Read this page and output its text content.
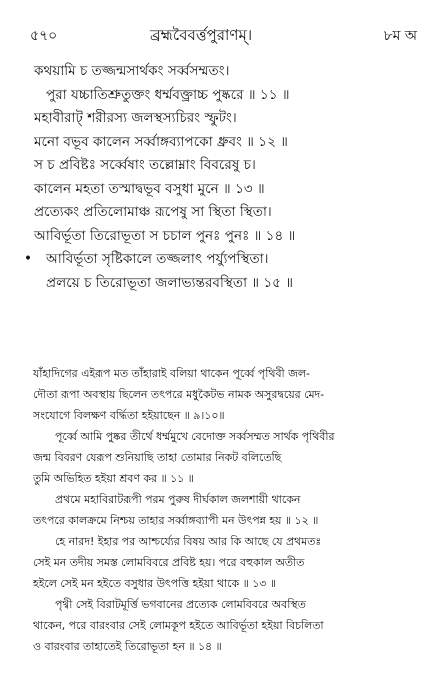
৫৭০	ব্রহ্মবৈবর্ত্তপুরাণম্।	৮ম অ
কথয়ামি চ তজ্জন্মসার্থকং সর্ব্বসম্মতং।
পুরা যচ্চাতিশ্রুতুক্তং ধর্ম্মবক্ত্রাচ্চ পুষ্করে ॥ ১১ ॥
মহাবীরাট্ শরীরস্য জলস্থস্যচিরং স্ফুটং।
মনো বভূব কালেন সর্ব্বাঙ্গব্যাপকো ধ্রুবং ॥ ১২ ॥
স চ প্রবিষ্টঃ সর্ব্বেষাং তল্লোম্নাং বিবরেষু চ।
কালেন মহতা তস্মাদ্বভূব বসুধা মুনে ॥ ১৩ ॥
প্রত্যেকং প্রতিলোমাঞ্চ রূপেষু সা স্থিতা স্থিতা।
আবির্ভূতা তিরোভূতা স চচাল পুনঃ পুনঃ ॥ ১৪ ॥
• আবির্ভূতা সৃষ্টিকালে তজ্জলাৎ পর্য্যুপস্থিতা।
প্রলয়ে চ তিরোভূতা জলাভ্যন্তরবস্থিতা ॥ ১৫ ॥
যাঁহাদিগের এইরূপ মত তাঁহারাই বলিয়া থাকেন পূর্ব্বে পৃথিবী জল-
দৌতা রূপা অবস্থায় ছিলেন তৎপরে মধুকৈটভ নামক অসুরদ্বয়ের মেদ-
সংযোগে বিলক্ষণ বর্দ্ধিতা হইয়াছেন ॥ ৯।১০॥
পূর্ব্বে আমি পুষ্কর তীর্থে ধর্ম্মমুখে বেদোক্ত সর্ব্বসম্মত সার্থক পৃথিবীর
জন্ম বিবরণ যেরূপ শুনিয়াছি তাহা তোমার নিকট বলিতেছি
তুমি অভিহিত হইয়া শ্রবণ কর ॥ ১১ ॥
প্রথমে মহাবিরাটরূপী পরম পুরুষ দীর্ঘকাল জলশায়ী থাকেন
তৎপরে কালক্রমে নিশ্চয় তাহার সর্ব্বাঙ্গব্যাপী মন উৎপন্ন হয় ॥ ১২ ॥
হে নারদ! ইহার পর আশ্চর্য্যের বিষয় আর কি আছে যে প্রথমতঃ
সেই মন তদীয় সমস্ত লোমবিবরে প্রবিষ্ট হয়। পরে বহুকাল অতীত
হইলে সেই মন হইতে বসুধার উৎপত্তি হইয়া থাকে ॥ ১৩ ॥
পৃথ্বী সেই বিরাটমূর্ত্তি ভগবানের প্রত্যেক লোমবিবরে অবস্থিত
থাকেন, পরে বারংবার সেই লোমকূপ হইতে আবির্ভূতা হইয়া বিচলিতা
ও বারংবার তাহাতেই তিরোভূতা হন ॥ ১৪ ॥
